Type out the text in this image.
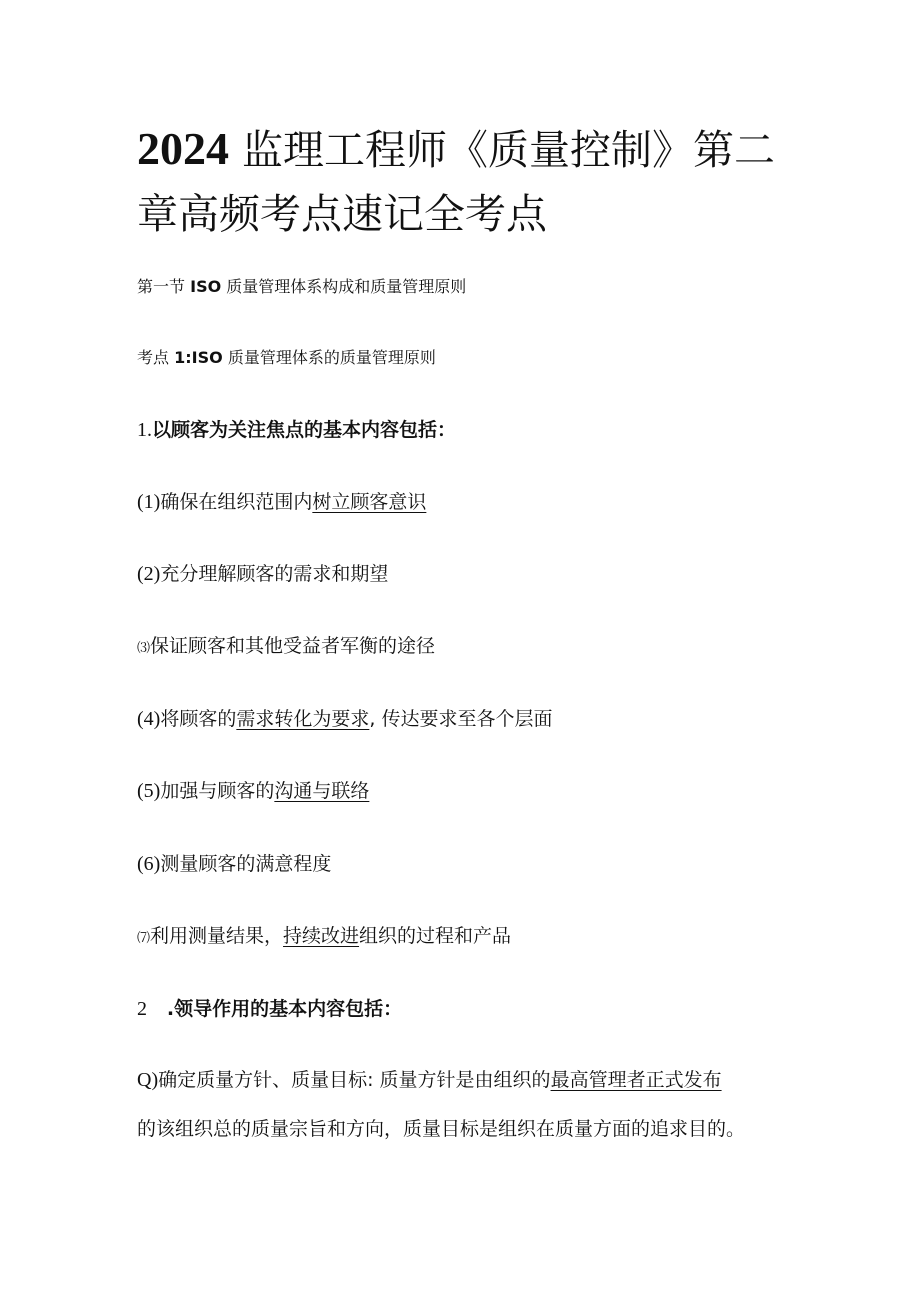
2024 监理工程师《质量控制》第二章高频考点速记全考点

第一节 ISO 质量管理体系构成和质量管理原则

考点 1:ISO 质量管理体系的质量管理原则

1.以顾客为关注焦点的基本内容包括：

(1)确保在组织范围内树立顾客意识

(2)充分理解顾客的需求和期望

⑶保证顾客和其他受益者军衡的途径

(4)将顾客的需求转化为要求, 传达要求至各个层面

(5)加强与顾客的沟通与联络

(6)测量顾客的满意程度

⑺利用测量结果，持续改进组织的过程和产品

2 .领导作用的基本内容包括：

Q)确定质量方针、质量目标: 质量方针是由组织的最高管理者正式发布

的该组织总的质量宗旨和方向，质量目标是组织在质量方面的追求目的。
